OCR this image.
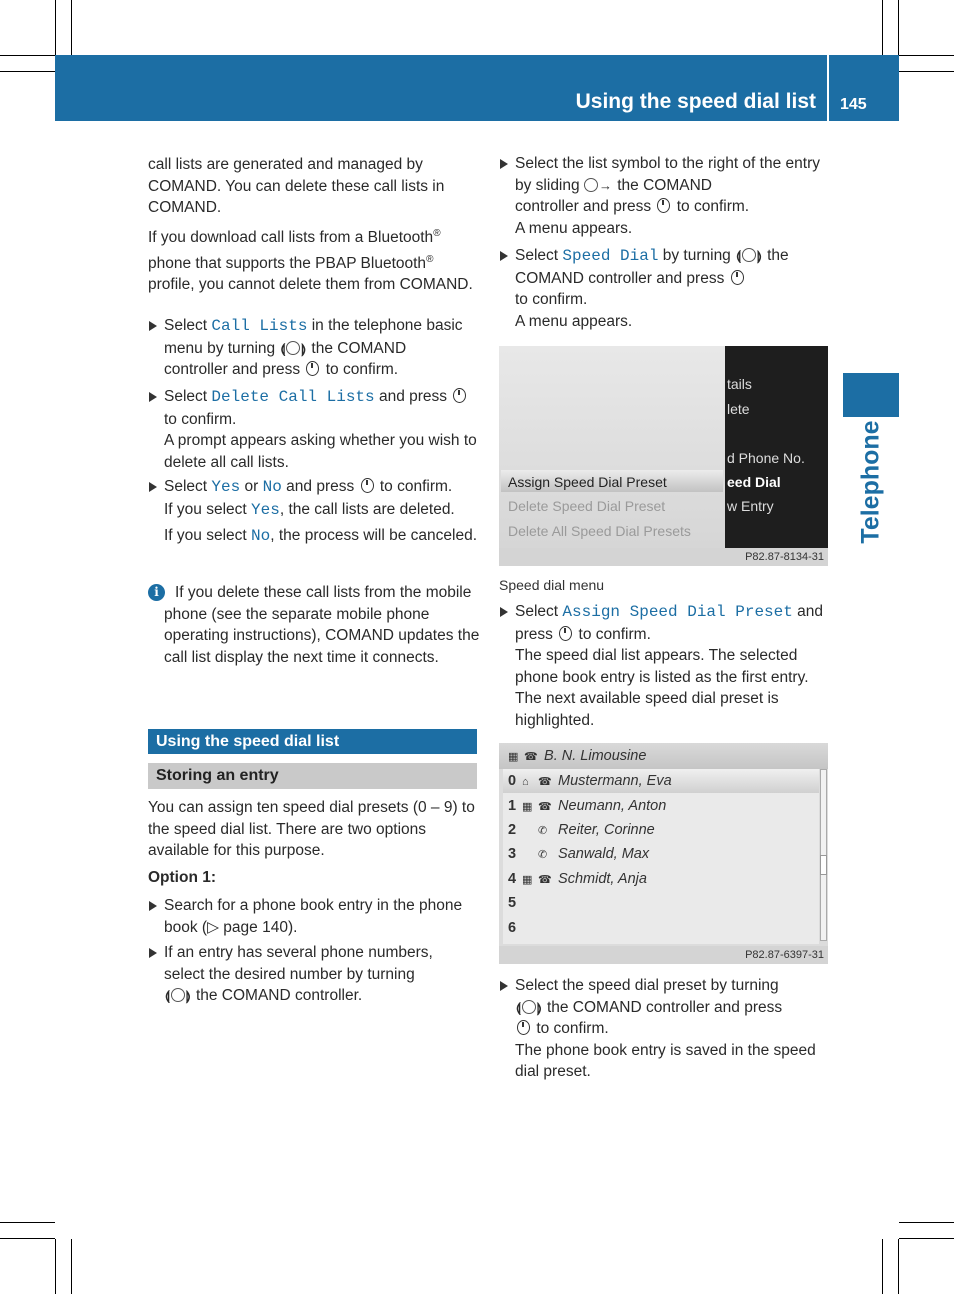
Using the speed dial list 145
Telephone
call lists are generated and managed by COMAND. You can delete these call lists in COMAND.
If you download call lists from a Bluetooth®
phone that supports the PBAP Bluetooth®
profile, you cannot delete them from COMAND.
Select Call Lists in the telephone basic
menu by turning ⟬ ⟭ the COMAND
controller and press to confirm.
Select Delete Call Lists and press
to confirm.
A prompt appears asking whether you wish to delete all call lists.
Select Yes or No and press to confirm.
If you select Yes, the call lists are deleted.
If you select No, the process will be canceled.
i	If you delete these call lists from the mobile phone (see the separate mobile phone operating instructions), COMAND updates the call list display the next time it connects.
Using the speed dial list
Storing an entry
You can assign ten speed dial presets (0 – 9) to the speed dial list. There are two options available for this purpose.
Option 1:
Search for a phone book entry in the phone book (▷ page 140).
If an entry has several phone numbers, select the desired number by turning
⟬ ⟭ the COMAND controller.
Select the list symbol to the right of the entry by sliding → the COMAND
controller and press to confirm.
A menu appears.
Select Speed Dial by turning ⟬ ⟭ the
COMAND controller and press
to confirm.
A menu appears.
tails
lete
d Phone No.
eed Dial
w Entry
Assign Speed Dial Preset
Delete Speed Dial Preset
Delete All Speed Dial Presets
P82.87-8134-31
Speed dial menu
Select Assign Speed Dial Preset and
press to confirm.
The speed dial list appears. The selected phone book entry is listed as the first entry. The next available speed dial preset is highlighted.
▦ ☎ B. N. Limousine
0 ⌂ ☎ Mustermann, Eva
1 ▦ ☎ Neumann, Anton
2 ✆ Reiter, Corinne
3 ✆ Sanwald, Max
4 ▦ ☎ Schmidt, Anja
5
6
P82.87-6397-31
Select the speed dial preset by turning
⟬ ⟭ the COMAND controller and press
to confirm.
The phone book entry is saved in the speed dial preset.
